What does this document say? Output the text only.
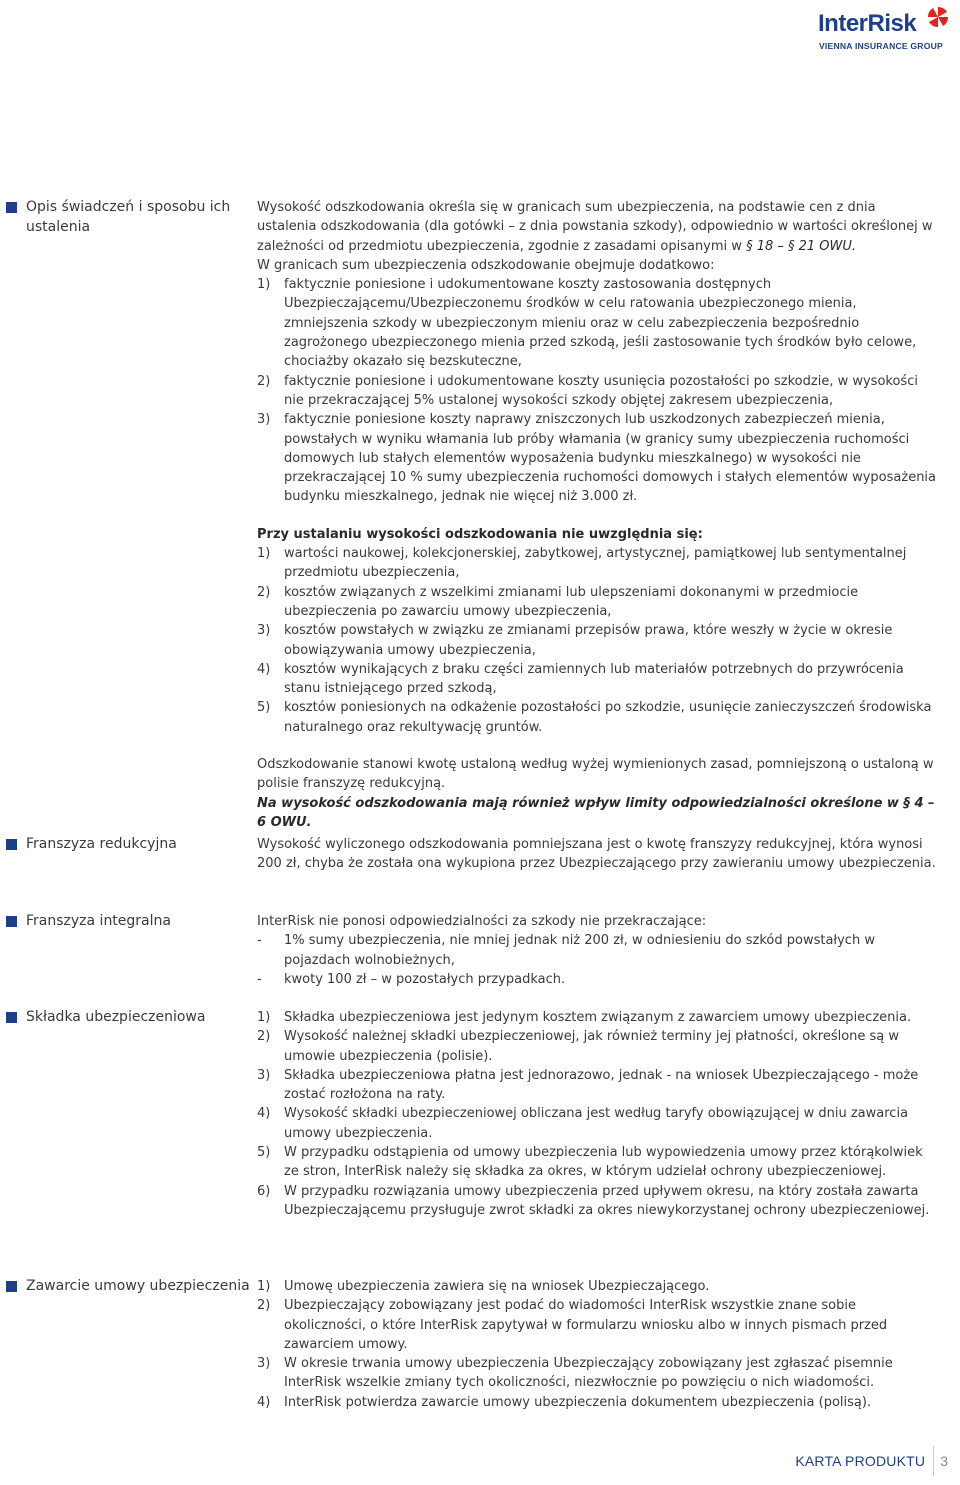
InterRisk
VIENNA INSURANCE GROUP
Opis świadczeń i sposobu ich ustalenia

Wysokość odszkodowania określa się w granicach sum ubezpieczenia, na podstawie cen z dnia ustalenia odszkodowania (dla gotówki – z dnia powstania szkody), odpowiednio w wartości określonej w zależności od przedmiotu ubezpieczenia, zgodnie z zasadami opisanymi w § 18 – § 21 OWU.

W granicach sum ubezpieczenia odszkodowanie obejmuje dodatkowo:

1)	faktycznie poniesione i udokumentowane koszty zastosowania dostępnych Ubezpieczającemu/Ubezpieczonemu środków w celu ratowania ubezpieczonego mienia, zmniejszenia szkody w ubezpieczonym mieniu oraz w celu zabezpieczenia bezpośrednio zagrożonego ubezpieczonego mienia przed szkodą, jeśli zastosowanie tych środków było celowe, chociażby okazało się bezskuteczne,
2)	faktycznie poniesione i udokumentowane koszty usunięcia pozostałości po szkodzie, w wysokości nie przekraczającej 5% ustalonej wysokości szkody objętej zakresem ubezpieczenia,
3)	faktycznie poniesione koszty naprawy zniszczonych lub uszkodzonych zabezpieczeń mienia, powstałych w wyniku włamania lub próby włamania (w granicy sumy ubezpieczenia ruchomości domowych lub stałych elementów wyposażenia budynku mieszkalnego) w wysokości nie przekraczającej 10 % sumy ubezpieczenia ruchomości domowych i stałych elementów wyposażenia budynku mieszkalnego, jednak nie więcej niż 3.000 zł.

Przy ustalaniu wysokości odszkodowania nie uwzględnia się:

1)	wartości naukowej, kolekcjonerskiej, zabytkowej, artystycznej, pamiątkowej lub sentymentalnej przedmiotu ubezpieczenia,
2)	kosztów związanych z wszelkimi zmianami lub ulepszeniami dokonanymi w przedmiocie ubezpieczenia po zawarciu umowy ubezpieczenia,
3)	kosztów powstałych w związku ze zmianami przepisów prawa, które weszły w życie w okresie obowiązywania umowy ubezpieczenia,
4)	kosztów wynikających z braku części zamiennych lub materiałów potrzebnych do przywrócenia stanu istniejącego przed szkodą,
5)	kosztów poniesionych na odkażenie pozostałości po szkodzie, usunięcie zanieczyszczeń środowiska naturalnego oraz rekultywację gruntów.

Odszkodowanie stanowi kwotę ustaloną według wyżej wymienionych zasad, pomniejszoną o ustaloną w polisie franszyzę redukcyjną.

Na wysokość odszkodowania mają również wpływ limity odpowiedzialności określone w § 4 – 6 OWU.

Franszyza redukcyjna	Wysokość wyliczonego odszkodowania pomniejszana jest o kwotę franszyzy redukcyjnej, która wynosi 200 zł, chyba że została ona wykupiona przez Ubezpieczającego przy zawieraniu umowy ubezpieczenia.

Franszyza integralna	InterRisk nie ponosi odpowiedzialności za szkody nie przekraczające:

-	1% sumy ubezpieczenia, nie mniej jednak niż 200 zł, w odniesieniu do szkód powstałych w pojazdach wolnobieżnych,
-	kwoty 100 zł – w pozostałych przypadkach.
Składka ubezpieczeniowa	1)	Składka ubezpieczeniowa jest jedynym kosztem związanym z zawarciem umowy ubezpieczenia.
2)	Wysokość należnej składki ubezpieczeniowej, jak również terminy jej płatności, określone są w umowie ubezpieczenia (polisie).
3)	Składka ubezpieczeniowa płatna jest jednorazowo, jednak - na wniosek Ubezpieczającego - może zostać rozłożona na raty.
4)	Wysokość składki ubezpieczeniowej obliczana jest według taryfy obowiązującej w dniu zawarcia umowy ubezpieczenia.
5)	W przypadku odstąpienia od umowy ubezpieczenia lub wypowiedzenia umowy przez którąkolwiek ze stron, InterRisk należy się składka za okres, w którym udzielał ochrony ubezpieczeniowej.
6)	W przypadku rozwiązania umowy ubezpieczenia przed upływem okresu, na który została zawarta Ubezpieczającemu przysługuje zwrot składki za okres niewykorzystanej ochrony ubezpieczeniowej.
Zawarcie umowy ubezpieczenia 1)	Umowę ubezpieczenia zawiera się na wniosek Ubezpieczającego.
2)	Ubezpieczający zobowiązany jest podać do wiadomości InterRisk wszystkie znane sobie okoliczności, o które InterRisk zapytywał w formularzu wniosku albo w innych pismach przed zawarciem umowy.
3)	W okresie trwania umowy ubezpieczenia Ubezpieczający zobowiązany jest zgłaszać pisemnie InterRisk wszelkie zmiany tych okoliczności, niezwłocznie po powzięciu o nich wiadomości.
4)	InterRisk potwierdza zawarcie umowy ubezpieczenia dokumentem ubezpieczenia (polisą).
KARTA PRODUKTU 3
